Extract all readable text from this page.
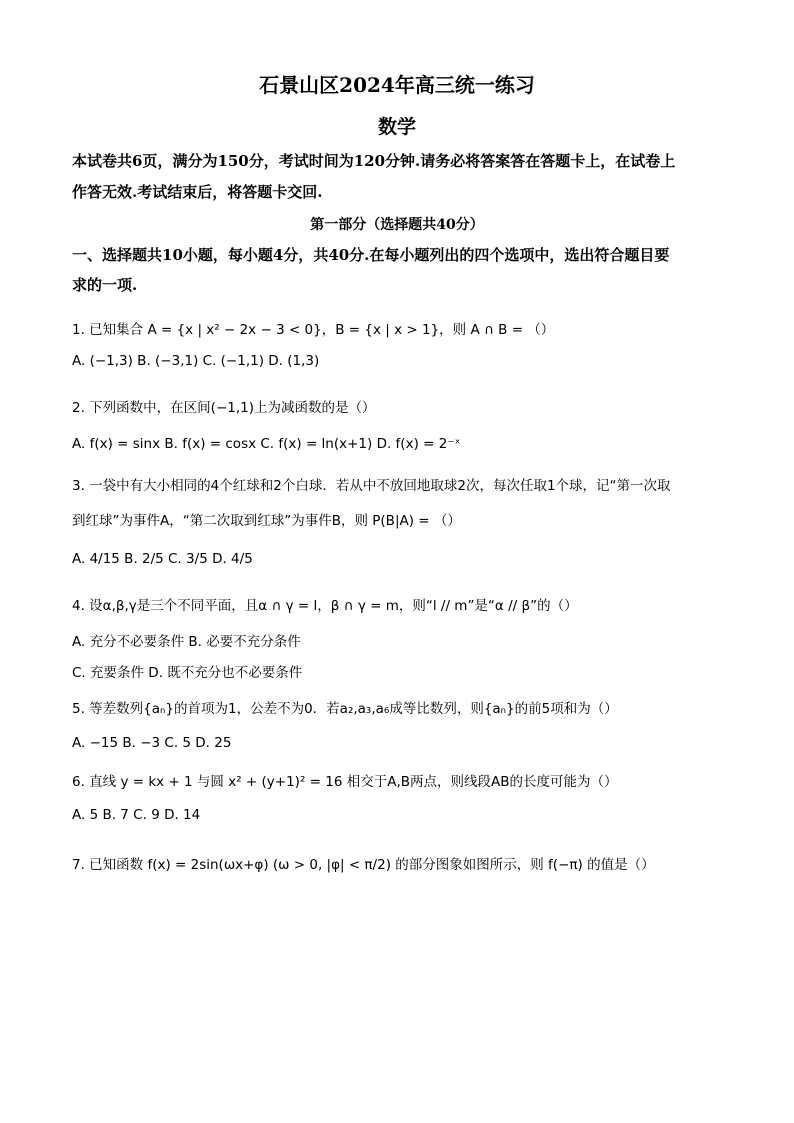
石景山区2024年高三统一练习
数学
本试卷共6页，满分为150分，考试时间为120分钟.请务必将答案答在答题卡上，在试卷上
作答无效.考试结束后，将答题卡交回.
第一部分（选择题共40分）
一、选择题共10小题，每小题4分，共40分.在每小题列出的四个选项中，选出符合题目要
求的一项.
1. 已知集合 A = {x | x² − 2x − 3 < 0}，B = {x | x > 1}，则 A ∩ B = （）
A. (−1,3) B. (−3,1) C. (−1,1) D. (1,3)
2. 下列函数中，在区间(−1,1)上为减函数的是（）
A. f(x) = sinx B. f(x) = cosx C. f(x) = ln(x+1) D. f(x) = 2⁻ˣ
3. 一袋中有大小相同的4个红球和2个白球．若从中不放回地取球2次，每次任取1个球，记“第一次取
到红球”为事件A，“第二次取到红球”为事件B，则 P(B|A) = （）
A. 4/15 B. 2/5 C. 3/5 D. 4/5
4. 设α,β,γ是三个不同平面，且α ∩ γ = l，β ∩ γ = m，则“l // m”是“α // β”的（）
A. 充分不必要条件 B. 必要不充分条件
C. 充要条件 D. 既不充分也不必要条件
5. 等差数列{aₙ}的首项为1，公差不为0．若a₂,a₃,a₆成等比数列，则{aₙ}的前5项和为（）
A. −15 B. −3 C. 5 D. 25
6. 直线 y = kx + 1 与圆 x² + (y+1)² = 16 相交于A,B两点，则线段AB的长度可能为（）
A. 5 B. 7 C. 9 D. 14
7. 已知函数 f(x) = 2sin(ωx+φ) (ω > 0, |φ| < π/2) 的部分图象如图所示，则 f(−π) 的值是（）
